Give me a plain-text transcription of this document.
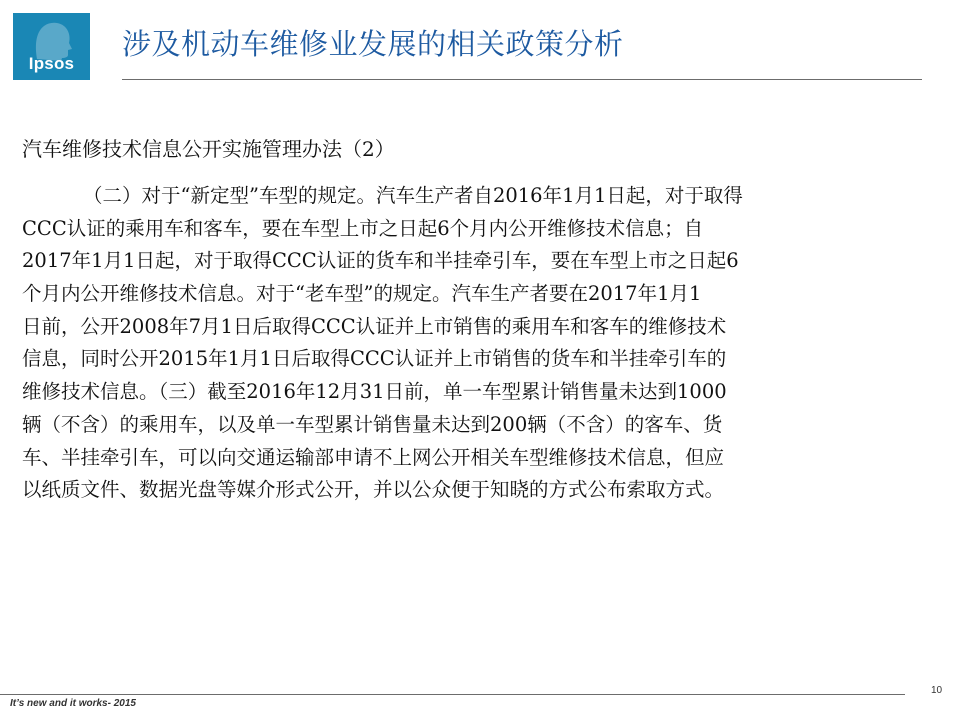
Ipsos
涉及机动车维修业发展的相关政策分析
汽车维修技术信息公开实施管理办法（2）
（二）对于“新定型”车型的规定。汽车生产者自2016年1月1日起，对于取得
CCC认证的乘用车和客车，要在车型上市之日起6个月内公开维修技术信息；自
2017年1月1日起，对于取得CCC认证的货车和半挂牵引车，要在车型上市之日起6
个月内公开维修技术信息。对于“老车型”的规定。汽车生产者要在2017年1月1
日前，公开2008年7月1日后取得CCC认证并上市销售的乘用车和客车的维修技术
信息，同时公开2015年1月1日后取得CCC认证并上市销售的货车和半挂牵引车的
维修技术信息。（三）截至2016年12月31日前，单一车型累计销售量未达到1000
辆（不含）的乘用车，以及单一车型累计销售量未达到200辆（不含）的客车、货
车、半挂牵引车，可以向交通运输部申请不上网公开相关车型维修技术信息，但应
以纸质文件、数据光盘等媒介形式公开，并以公众便于知晓的方式公布索取方式。
It’s new and it works- 2015
10
